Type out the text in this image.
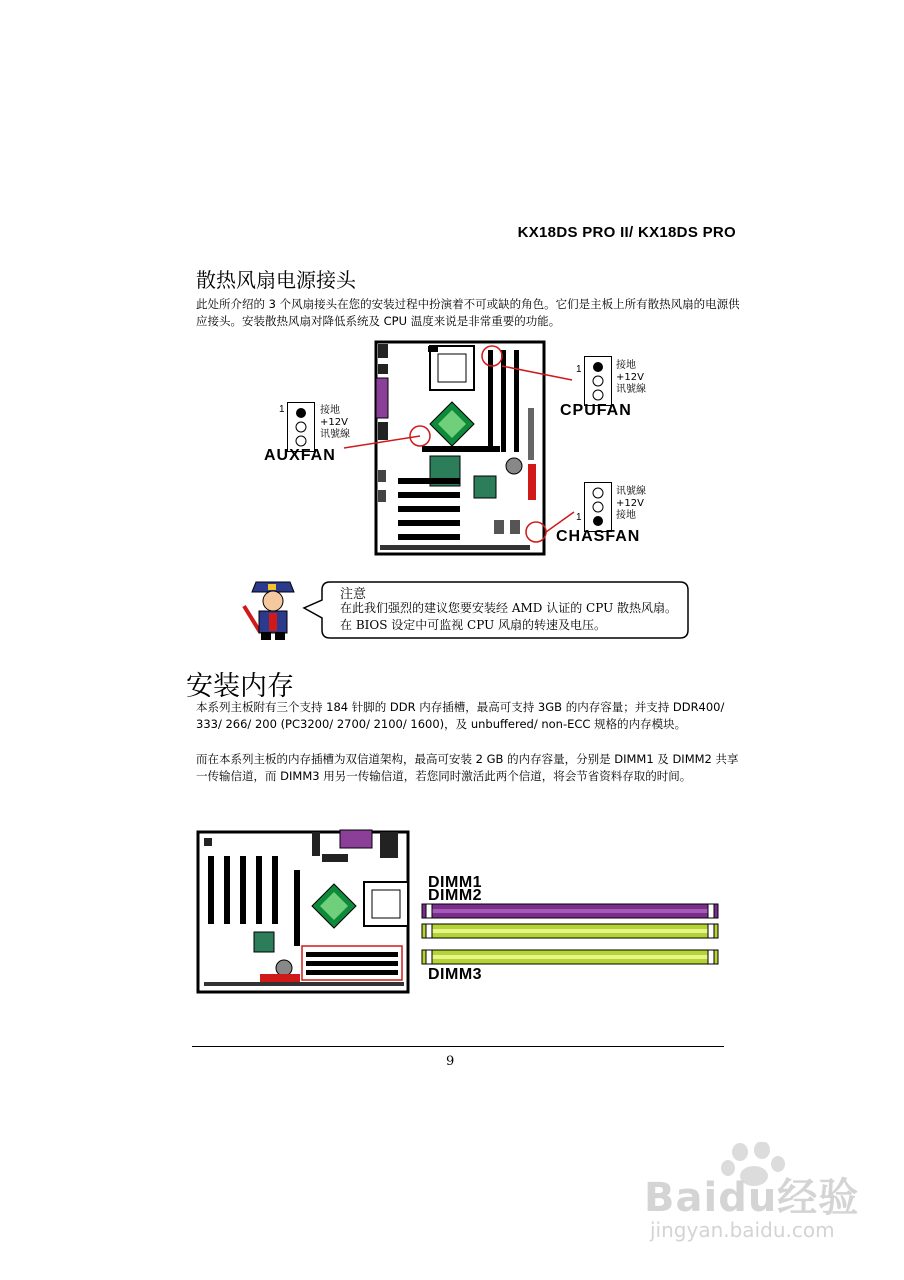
KX18DS PRO II/ KX18DS PRO
散热风扇电源接头
此处所介绍的 3 个风扇接头在您的安装过程中扮演着不可或缺的角色。它们是主板上所有散热风扇的电源供应接头。安装散热风扇对降低系统及 CPU 温度来说是非常重要的功能。
1	接地
+12V
讯號線
CPUFAN
1	接地
+12V
讯號線
AUXFAN
1
讯號線
+12V
接地
CHASFAN
注意
在此我们强烈的建议您要安装经 AMD 认证的 CPU 散热风扇。在 BIOS 设定中可监视 CPU 风扇的转速及电压。
安装内存
本系列主板附有三个支持 184 针脚的 DDR 内存插槽，最高可支持 3GB 的内存容量；并支持 DDR400/ 333/ 266/ 200 (PC3200/ 2700/ 2100/ 1600)，及 unbuffered/ non-ECC 规格的内存模块。
而在本系列主板的内存插槽为双信道架构，最高可安装 2 GB 的内存容量，分别是 DIMM1 及 DIMM2 共享一传输信道，而 DIMM3 用另一传输信道，若您同时激活此两个信道，将会节省资料存取的时间。
DIMM1
DIMM2
DIMM3
9
Baidu经验
jingyan.baidu.com
